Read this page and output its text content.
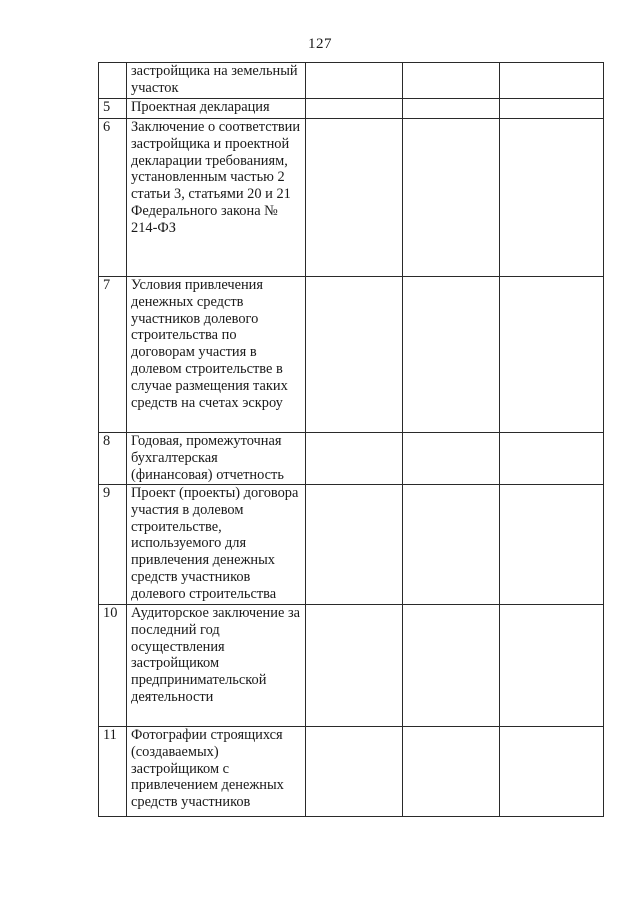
127
	застройщика на земельный участок			
5	Проектная декларация			
6	Заключение о соответствии застройщика и проектной декларации требованиям, установленным частью 2 статьи 3, статьями 20 и 21 Федерального закона № 214-ФЗ			
7	Условия привлечения денежных средств участников долевого строительства по договорам участия в долевом строительстве в случае размещения таких средств на счетах эскроу			
8	Годовая, промежуточная бухгалтерская (финансовая) отчетность			
9	Проект (проекты) договора участия в долевом строительстве, используемого для привлечения денежных средств участников долевого строительства			
10	Аудиторское заключение за последний год осуществления застройщиком предпринимательской деятельности			
11	Фотографии строящихся (создаваемых) застройщиком с привлечением денежных средств участников			
